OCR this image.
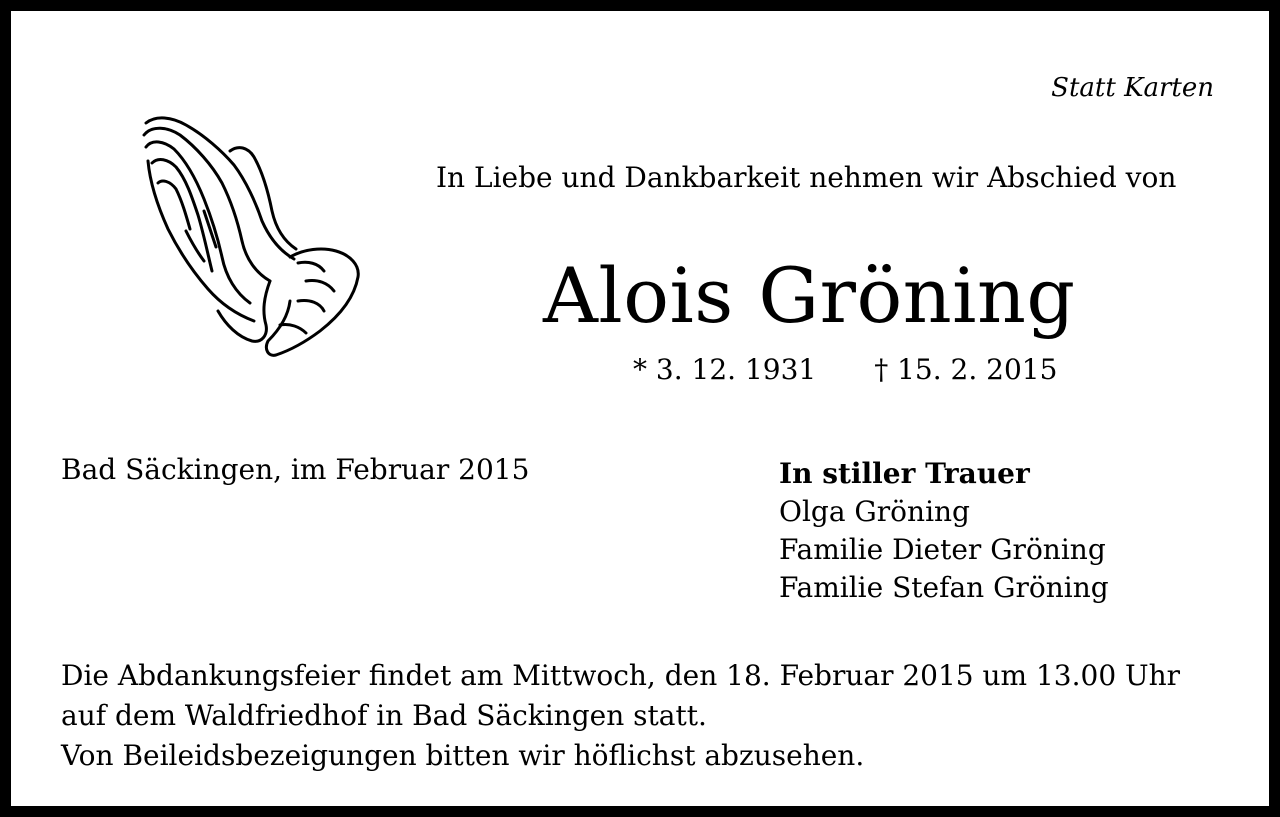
Statt Karten
In Liebe und Dankbarkeit nehmen wir Abschied von
Alois Gröning
* 3. 12. 1931 † 15. 2. 2015
Bad Säckingen, im Februar 2015	In stiller Trauer
Olga Gröning
Familie Dieter Gröning
Familie Stefan Gröning
Die Abdankungsfeier findet am Mittwoch, den 18. Februar 2015 um 13.00 Uhr
auf dem Waldfriedhof in Bad Säckingen statt.
Von Beileidsbezeigungen bitten wir höflichst abzusehen.
